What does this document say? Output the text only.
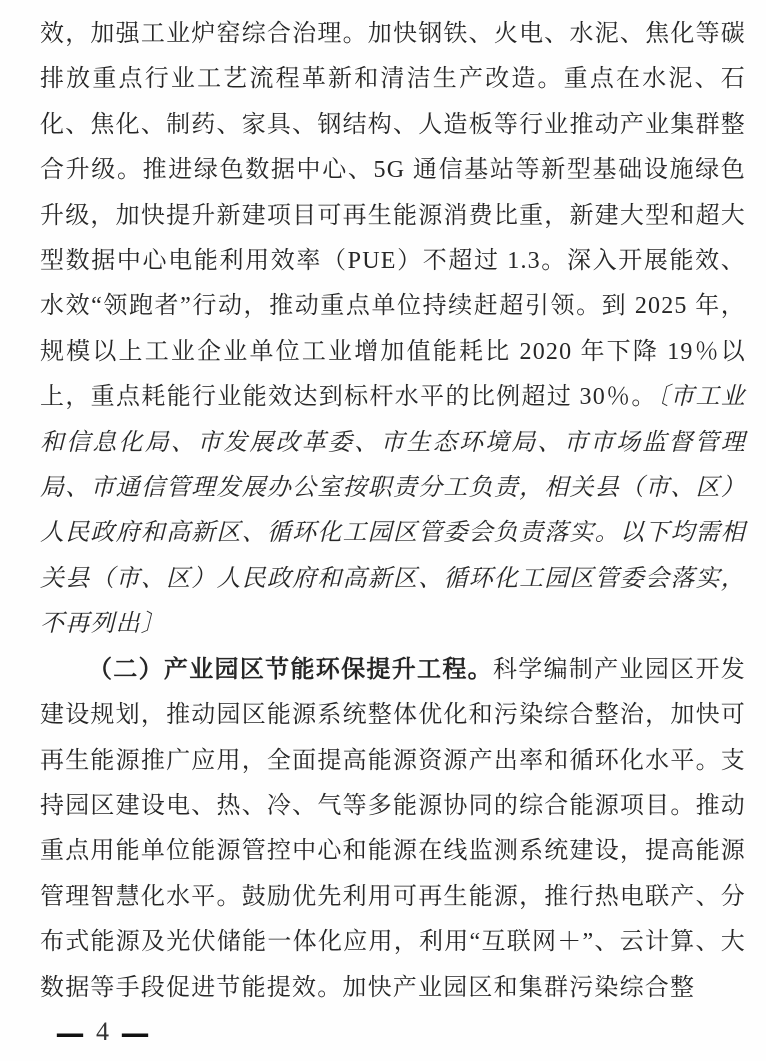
效，加强工业炉窑综合治理。加快钢铁、火电、水泥、焦化等碳排放重点行业工艺流程革新和清洁生产改造。重点在水泥、石化、焦化、制药、家具、钢结构、人造板等行业推动产业集群整合升级。推进绿色数据中心、5G 通信基站等新型基础设施绿色升级，加快提升新建项目可再生能源消费比重，新建大型和超大型数据中心电能利用效率（PUE）不超过 1.3。深入开展能效、水效“领跑者”行动，推动重点单位持续赶超引领。到 2025 年，规模以上工业企业单位工业增加值能耗比 2020 年下降 19％以上，重点耗能行业能效达到标杆水平的比例超过 30％。〔市工业和信息化局、市发展改革委、市生态环境局、市市场监督管理局、市通信管理发展办公室按职责分工负责，相关县（市、区）人民政府和高新区、循环化工园区管委会负责落实。以下均需相关县（市、区）人民政府和高新区、循环化工园区管委会落实，不再列出〕

（二）产业园区节能环保提升工程。科学编制产业园区开发建设规划，推动园区能源系统整体优化和污染综合整治，加快可再生能源推广应用，全面提高能源资源产出率和循环化水平。支持园区建设电、热、冷、气等多能源协同的综合能源项目。推动重点用能单位能源管控中心和能源在线监测系统建设，提高能源管理智慧化水平。鼓励优先利用可再生能源，推行热电联产、分布式能源及光伏储能一体化应用，利用“互联网＋”、云计算、大数据等手段促进节能提效。加快产业园区和集群污染综合整

— 4 —
